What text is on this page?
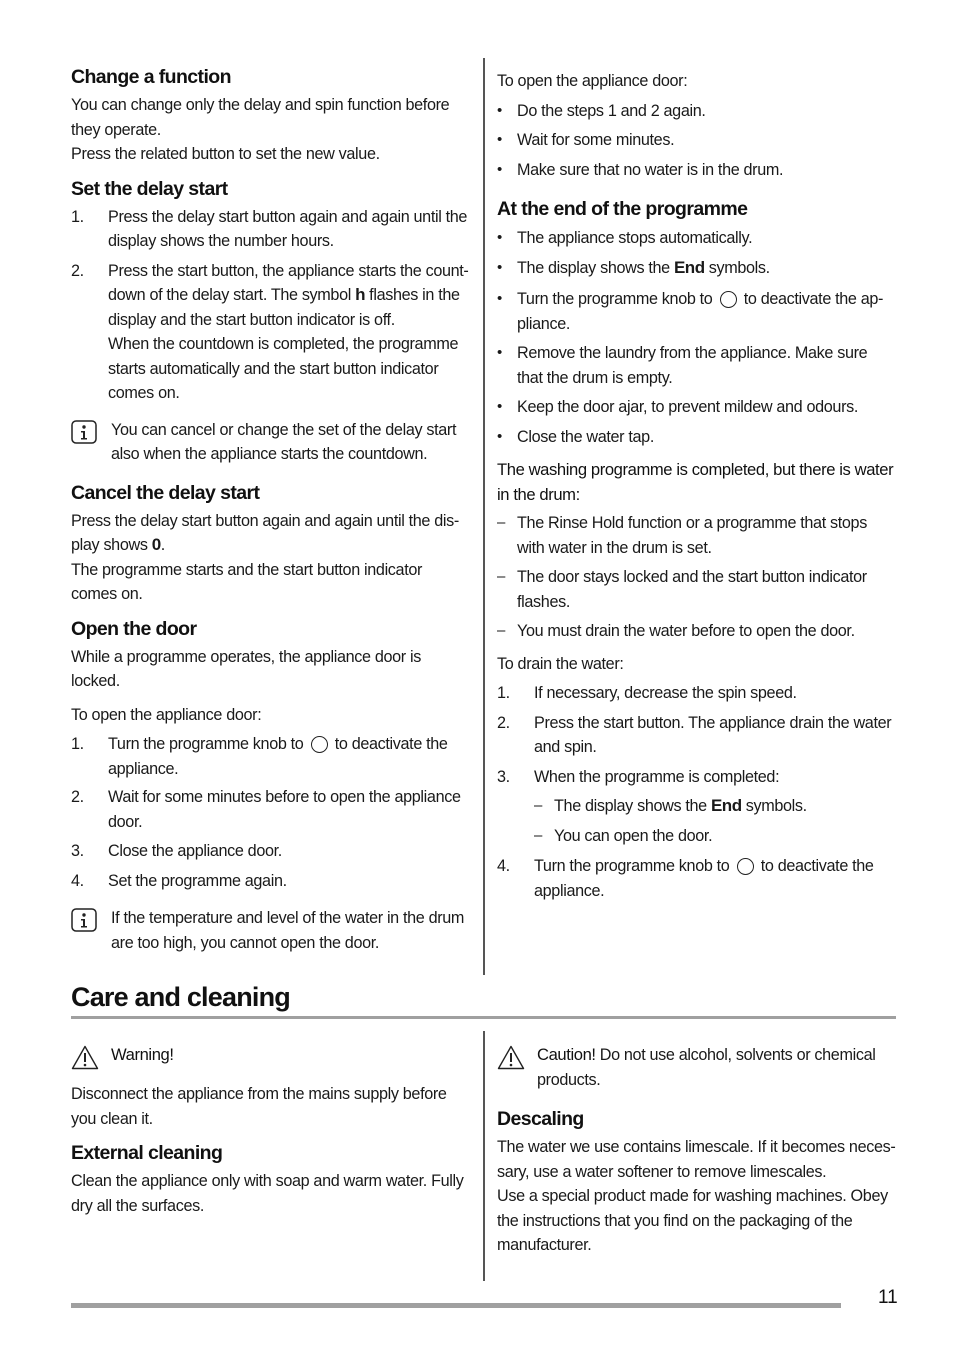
Change a function

You can change only the delay and spin function before they operate.

Press the related button to set the new value.

Set the delay start
1.	Press the delay start button again and again until the display shows the number hours.
2.	Press the start button, the appliance starts the count-down of the delay start. The symbol h flashes in the display and the start button indicator is off.
When the countdown is completed, the programme starts automatically and the start button indicator comes on.
You can cancel or change the set of the delay start also when the appliance starts the countdown.
Cancel the delay start

Press the delay start button again and again until the dis-play shows 0.

The programme starts and the start button indicator comes on.

Open the door

While a programme operates, the appliance door is locked.

To open the appliance door:

1.	Turn the programme knob to  to deactivate the appliance.
2.	Wait for some minutes before to open the appliance door.
3.	Close the appliance door.
4.	Set the programme again.
If the temperature and level of the water in the drum are too high, you cannot open the door.

To open the appliance door:

• Do the steps 1 and 2 again.
• Wait for some minutes.
• Make sure that no water is in the drum.
At the end of the programme
• The appliance stops automatically.
• The display shows the End symbols.
• Turn the programme knob to  to deactivate the ap-pliance.
• Remove the laundry from the appliance. Make sure that the drum is empty.
• Keep the door ajar, to prevent mildew and odours.
• Close the water tap.

The washing programme is completed, but there is water in the drum:

– The Rinse Hold function or a programme that stops with water in the drum is set.
– The door stays locked and the start button indicator flashes.
– You must drain the water before to open the door.

To drain the water:

1.	If necessary, decrease the spin speed.
2.	Press the start button. The appliance drain the water and spin.
3.	When the programme is completed:
– The display shows the End symbols.
– You can open the door.
4.	Turn the programme knob to  to deactivate the appliance.
Care and cleaning
Warning!

Disconnect the appliance from the mains supply before you clean it.

External cleaning

Clean the appliance only with soap and warm water. Fully dry all the surfaces.

Caution! Do not use alcohol, solvents or chemical products.
Descaling

The water we use contains limescale. If it becomes neces-sary, use a water softener to remove limescales.

Use a special product made for washing machines. Obey the instructions that you find on the packaging of the manufacturer.

11
